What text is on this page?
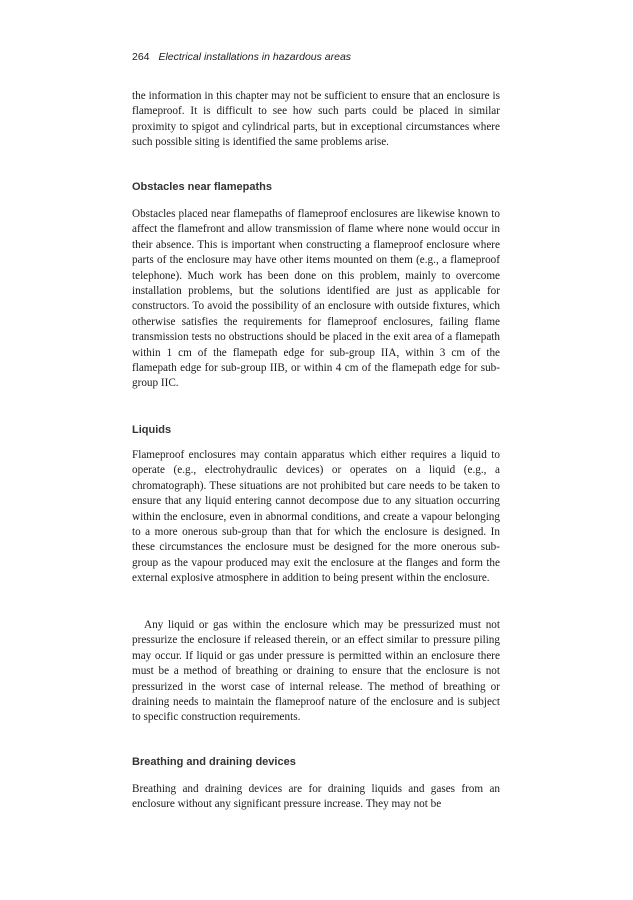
264 Electrical installations in hazardous areas

the information in this chapter may not be sufficient to ensure that an enclosure is flameproof. It is difficult to see how such parts could be placed in similar proximity to spigot and cylindrical parts, but in exceptional circumstances where such possible siting is identified the same problems arise.

Obstacles near flamepaths

Obstacles placed near flamepaths of flameproof enclosures are likewise known to affect the flamefront and allow transmission of flame where none would occur in their absence. This is important when constructing a flameproof enclosure where parts of the enclosure may have other items mounted on them (e.g., a flameproof telephone). Much work has been done on this problem, mainly to overcome installation problems, but the solutions identified are just as applicable for constructors. To avoid the possibility of an enclosure with outside fixtures, which otherwise satisfies the requirements for flameproof enclosures, failing flame transmission tests no obstructions should be placed in the exit area of a flamepath within 1 cm of the flamepath edge for sub-group IIA, within 3 cm of the flamepath edge for sub-group IIB, or within 4 cm of the flamepath edge for sub-group IIC.

Liquids

Flameproof enclosures may contain apparatus which either requires a liquid to operate (e.g., electrohydraulic devices) or operates on a liquid (e.g., a chromatograph). These situations are not prohibited but care needs to be taken to ensure that any liquid entering cannot decompose due to any situation occurring within the enclosure, even in abnormal conditions, and create a vapour belonging to a more onerous sub-group than that for which the enclosure is designed. In these circumstances the enclosure must be designed for the more onerous sub-group as the vapour produced may exit the enclosure at the flanges and form the external explosive atmosphere in addition to being present within the enclosure.

Any liquid or gas within the enclosure which may be pressurized must not pressurize the enclosure if released therein, or an effect similar to pressure piling may occur. If liquid or gas under pressure is permitted within an enclosure there must be a method of breathing or draining to ensure that the enclosure is not pressurized in the worst case of internal release. The method of breathing or draining needs to maintain the flameproof nature of the enclosure and is subject to specific construction requirements.

Breathing and draining devices

Breathing and draining devices are for draining liquids and gases from an enclosure without any significant pressure increase. They may not be
